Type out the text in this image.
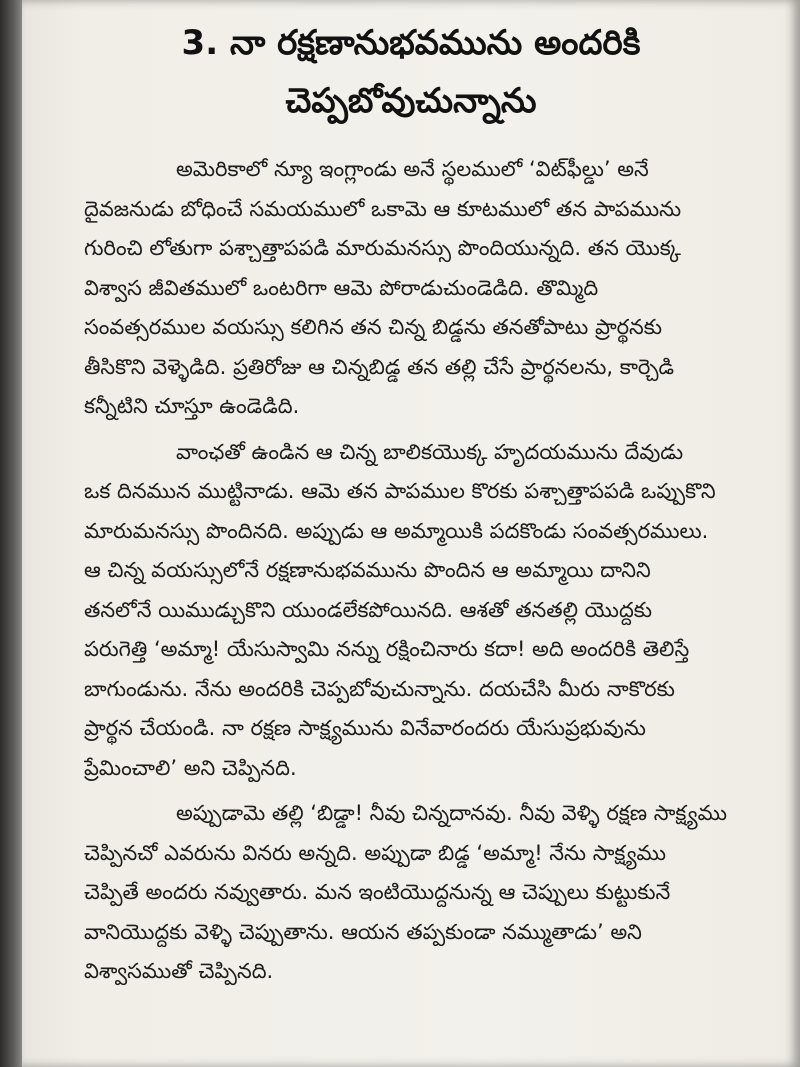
3. నా రక్షణానుభవమును అందరికి
చెప్పబోవుచున్నాను

అమెరికాలో న్యూ ఇంగ్లాండు అనే స్థలములో ‘విట్‌ఫీల్డు’ అనే
దైవజనుడు బోధించే సమయములో ఒకామె ఆ కూటములో తన పాపమును
గురించి లోతుగా పశ్చాత్తాపపడి మారుమనస్సు పొందియున్నది. తన యొక్క
విశ్వాస జీవితములో ఒంటరిగా ఆమె పోరాడుచుండెడిది. తొమ్మిది
సంవత్సరముల వయస్సు కలిగిన తన చిన్న బిడ్డను తనతోపాటు ప్రార్థనకు
తీసికొని వెళ్ళెడిది. ప్రతిరోజు ఆ చిన్నబిడ్డ తన తల్లి చేసే ప్రార్థనలను, కార్చెడి
కన్నీటిని చూస్తూ ఉండెడిది.

వాంఛతో ఉండిన ఆ చిన్న బాలికయొక్క హృదయమును దేవుడు
ఒక దినమున ముట్టినాడు. ఆమె తన పాపముల కొరకు పశ్చాత్తాపపడి ఒప్పుకొని
మారుమనస్సు పొందినది. అప్పుడు ఆ అమ్మాయికి పదకొండు సంవత్సరములు.
ఆ చిన్న వయస్సులోనే రక్షణానుభవమును పొందిన ఆ అమ్మాయి దానిని
తనలోనే యిముడ్చుకొని యుండలేకపోయినది. ఆశతో తనతల్లి యొద్దకు
పరుగెత్తి ‘అమ్మా! యేసుస్వామి నన్ను రక్షించినారు కదా! అది అందరికి తెలిస్తే
బాగుండును. నేను అందరికి చెప్పబోవుచున్నాను. దయచేసి మీరు నాకొరకు
ప్రార్థన చేయండి. నా రక్షణ సాక్ష్యమును వినేవారందరు యేసుప్రభువును
ప్రేమించాలి’ అని చెప్పినది.

అప్పుడామె తల్లి ‘బిడ్డా! నీవు చిన్నదానవు. నీవు వెళ్ళి రక్షణ సాక్ష్యము
చెప్పినచో ఎవరును వినరు అన్నది. అప్పుడా బిడ్డ ‘అమ్మా! నేను సాక్ష్యము
చెప్పితే అందరు నవ్వుతారు. మన ఇంటియొద్దనున్న ఆ చెప్పులు కుట్టుకునే
వానియొద్దకు వెళ్ళి చెప్పుతాను. ఆయన తప్పకుండా నమ్ముతాడు’ అని
విశ్వాసముతో చెప్పినది.
